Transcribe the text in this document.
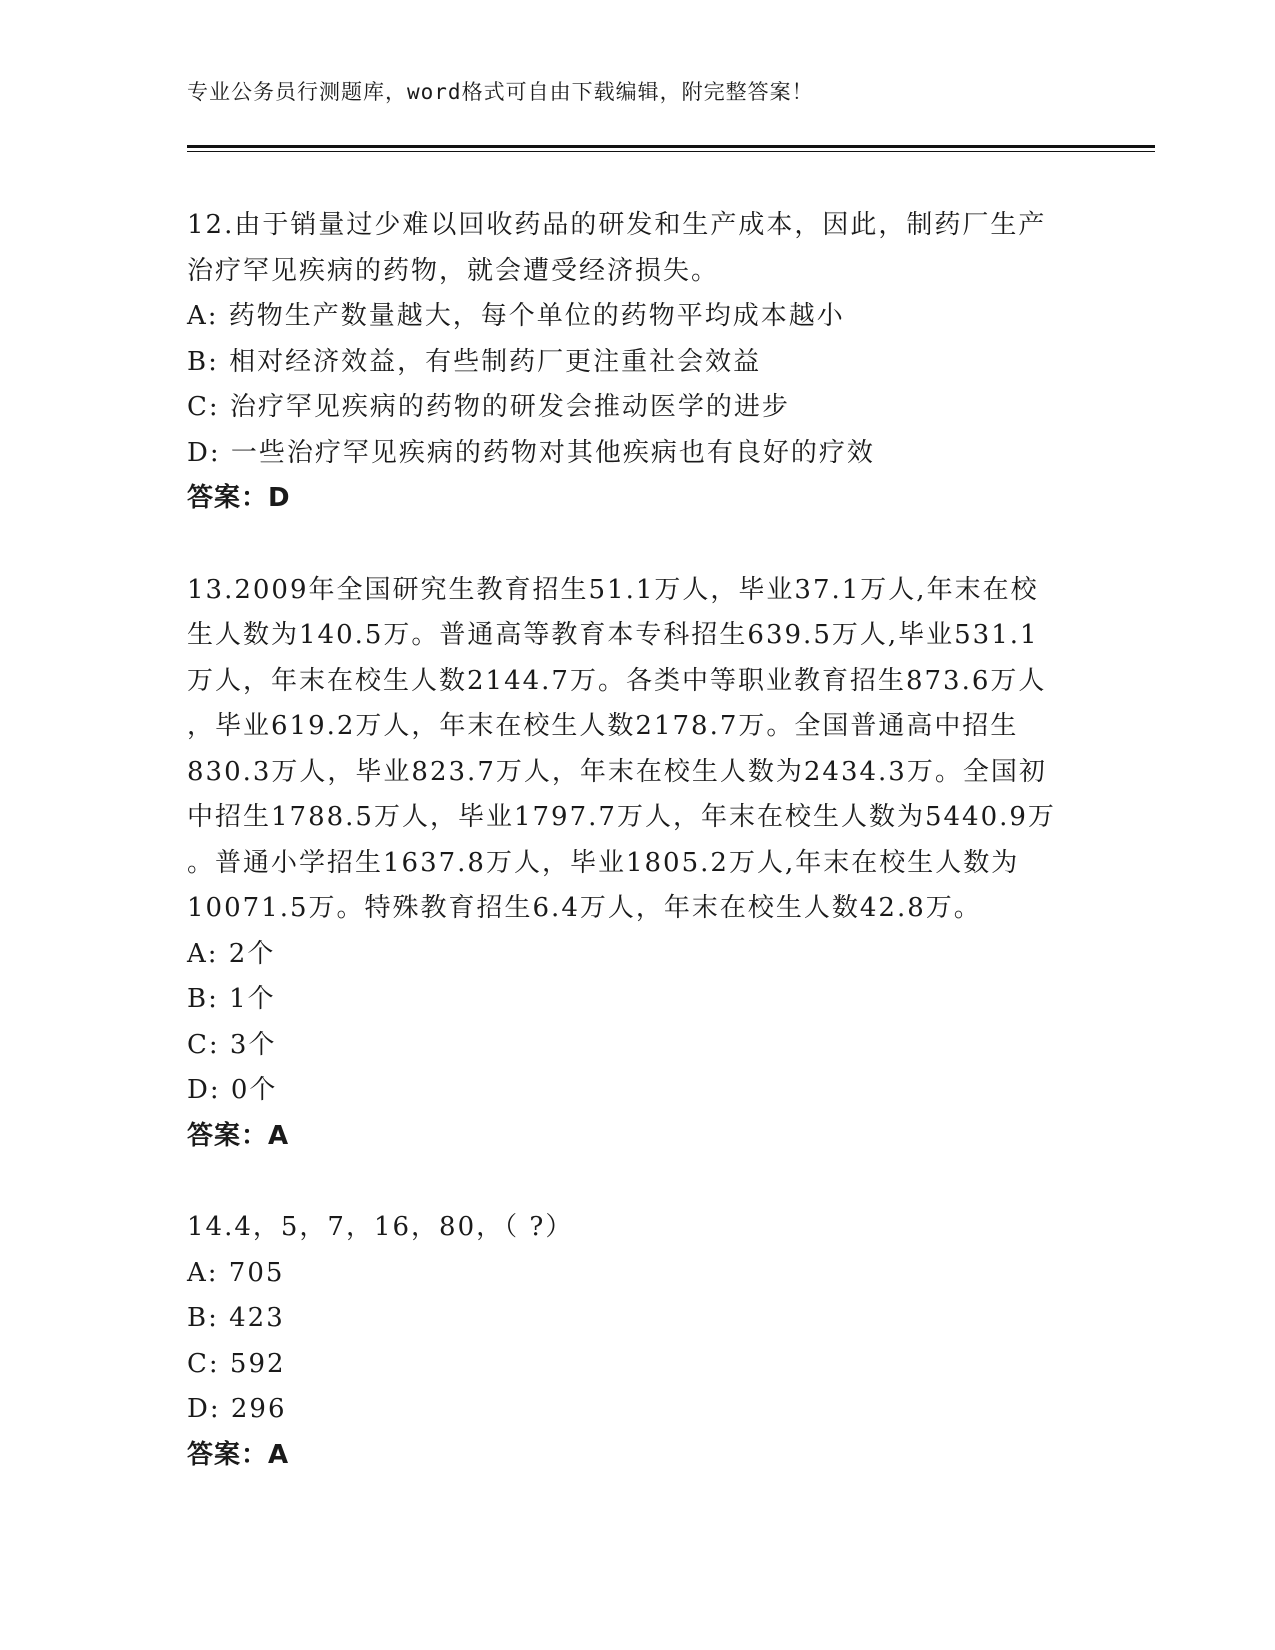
专业公务员行测题库，word格式可自由下载编辑，附完整答案！
12.由于销量过少难以回收药品的研发和生产成本，因此，制药厂生产
治疗罕见疾病的药物，就会遭受经济损失。
A: 药物生产数量越大，每个单位的药物平均成本越小
B: 相对经济效益，有些制药厂更注重社会效益
C: 治疗罕见疾病的药物的研发会推动医学的进步
D: 一些治疗罕见疾病的药物对其他疾病也有良好的疗效
答案：D
13.2009年全国研究生教育招生51.1万人，毕业37.1万人,年末在校
生人数为140.5万。普通高等教育本专科招生639.5万人,毕业531.1
万人，年末在校生人数2144.7万。各类中等职业教育招生873.6万人
，毕业619.2万人，年末在校生人数2178.7万。全国普通高中招生
830.3万人，毕业823.7万人，年末在校生人数为2434.3万。全国初
中招生1788.5万人，毕业1797.7万人，年末在校生人数为5440.9万
。普通小学招生1637.8万人，毕业1805.2万人,年末在校生人数为
10071.5万。特殊教育招生6.4万人，年末在校生人数42.8万。
A: 2个
B: 1个
C: 3个
D: 0个
答案：A
14.4，5，7，16，80，（ ?）
A: 705
B: 423
C: 592
D: 296
答案：A
